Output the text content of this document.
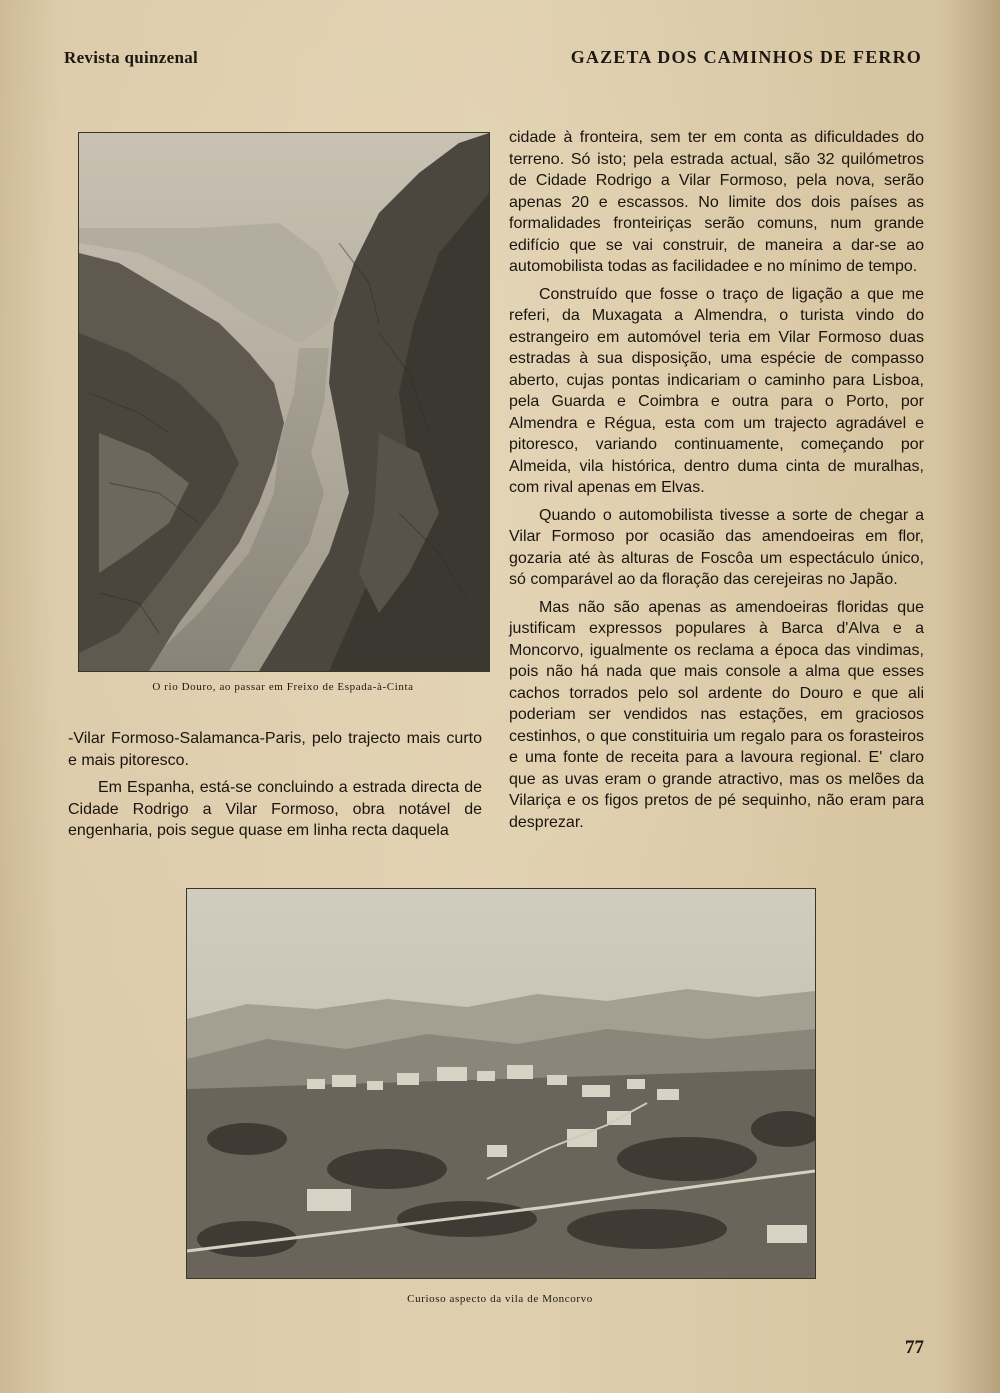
Revista quinzenal	GAZETA DOS CAMINHOS DE FERRO
O rio Douro, ao passar em Freixo de Espada-à-Cinta

-Vilar Formoso-Salamanca-Paris, pelo trajecto mais curto e mais pitoresco.

Em Espanha, está-se concluindo a estrada directa de Cidade Rodrigo a Vilar Formoso, obra notável de engenharia, pois segue quase em linha recta daquela

cidade à fronteira, sem ter em conta as dificuldades do terreno. Só isto; pela estrada actual, são 32 quilómetros de Cidade Rodrigo a Vilar Formoso, pela nova, serão apenas 20 e escassos. No limite dos dois países as formalidades fronteiriças serão comuns, num grande edifício que se vai construir, de maneira a dar-se ao automobilista todas as facilidadee e no mínimo de tempo.

Construído que fosse o traço de ligação a que me referi, da Muxagata a Almendra, o turista vindo do estrangeiro em automóvel teria em Vilar Formoso duas estradas à sua disposição, uma espécie de compasso aberto, cujas pontas indicariam o caminho para Lisboa, pela Guarda e Coimbra e outra para o Porto, por Almendra e Régua, esta com um trajecto agradável e pitoresco, variando continuamente, começando por Almeida, vila histórica, dentro duma cinta de muralhas, com rival apenas em Elvas.

Quando o automobilista tivesse a sorte de chegar a Vilar Formoso por ocasião das amendoeiras em flor, gozaria até às alturas de Foscôa um espectáculo único, só comparável ao da floração das cerejeiras no Japão.

Mas não são apenas as amendoeiras floridas que justificam expressos populares à Barca d'Alva e a Moncorvo, igualmente os reclama a época das vindimas, pois não há nada que mais console a alma que esses cachos torrados pelo sol ardente do Douro e que ali poderiam ser vendidos nas estações, em graciosos cestinhos, o que constituiria um regalo para os forasteiros e uma fonte de receita para a lavoura regional. E' claro que as uvas eram o grande atractivo, mas os melões da Vilariça e os figos pretos de pé sequinho, não eram para desprezar.

Curioso aspecto da vila de Moncorvo
77
